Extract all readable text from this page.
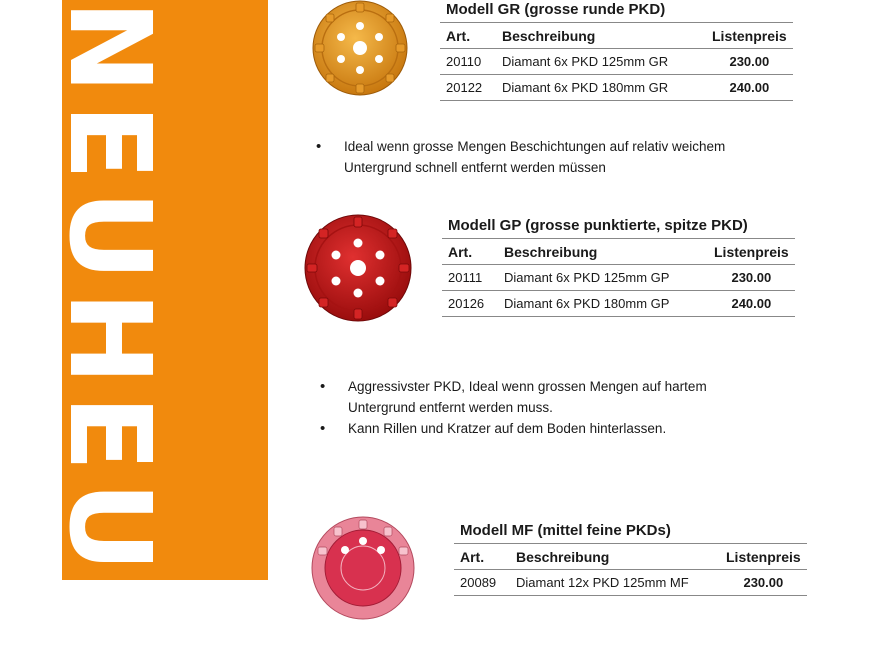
NEUHEUT	Modell GR (grosse runde PKD)
Art.	Beschreibung	Listenpreis
20110	Diamant 6x PKD 125mm GR	230.00
20122	Diamant 6x PKD 180mm GR	240.00
• Ideal wenn grosse Mengen Beschichtungen auf relativ weichem Untergrund schnell entfernt werden müssen
Modell GP (grosse punktierte, spitze PKD)
Art.	Beschreibung	Listenpreis
20111	Diamant 6x PKD 125mm GP	230.00
20126	Diamant 6x PKD 180mm GP	240.00
• Aggressivster PKD, Ideal wenn grossen Mengen auf hartem Untergrund entfernt werden muss.
• Kann Rillen und Kratzer auf dem Boden hinterlassen.
Modell MF (mittel feine PKDs)
Art.	Beschreibung	Listenpreis
20089	Diamant 12x PKD 125mm MF	230.00
